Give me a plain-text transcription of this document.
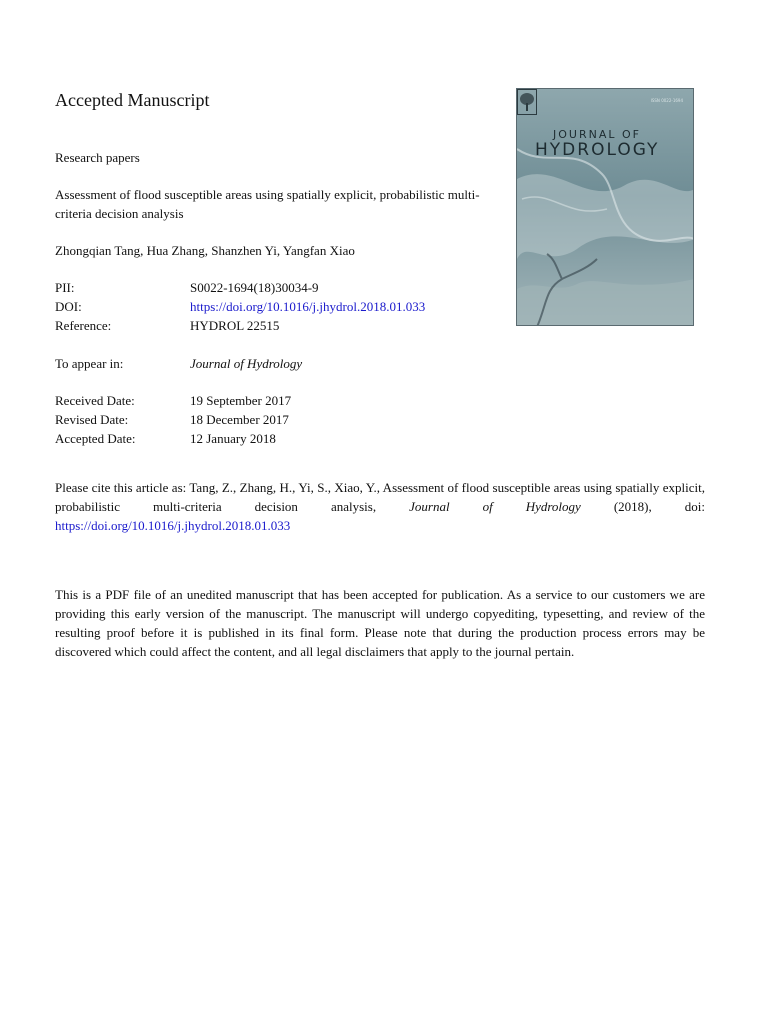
Accepted Manuscript
Research papers
Assessment of flood susceptible areas using spatially explicit, probabilistic multi-criteria decision analysis
Zhongqian Tang, Hua Zhang, Shanzhen Yi, Yangfan Xiao
PII:	S0022-1694(18)30034-9
DOI:	https://doi.org/10.1016/j.jhydrol.2018.01.033
Reference:	HYDROL 22515
To appear in:	Journal of Hydrology
Received Date:	19 September 2017
Revised Date:	18 December 2017
Accepted Date:	12 January 2018
Please cite this article as: Tang, Z., Zhang, H., Yi, S., Xiao, Y., Assessment of flood susceptible areas using spatially explicit, probabilistic multi-criteria decision analysis, Journal of Hydrology (2018), doi: https://doi.org/10.1016/j.jhydrol.2018.01.033
This is a PDF file of an unedited manuscript that has been accepted for publication. As a service to our customers we are providing this early version of the manuscript. The manuscript will undergo copyediting, typesetting, and review of the resulting proof before it is published in its final form. Please note that during the production process errors may be discovered which could affect the content, and all legal disclaimers that apply to the journal pertain.
ISSN 0022-1694
JOURNAL OF
HYDROLOGY
